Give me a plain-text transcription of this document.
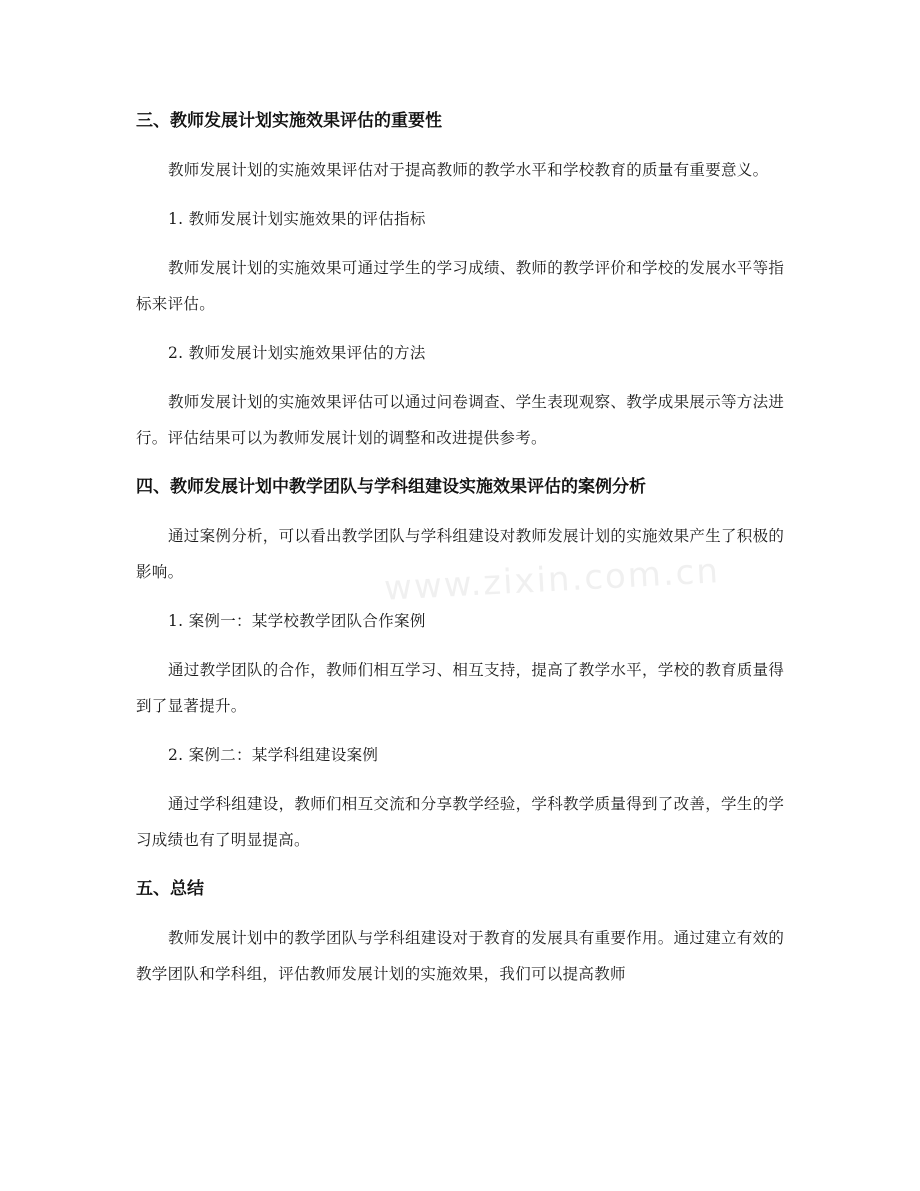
三、教师发展计划实施效果评估的重要性

教师发展计划的实施效果评估对于提高教师的教学水平和学校教育的质量有重要意义。

1. 教师发展计划实施效果的评估指标

教师发展计划的实施效果可通过学生的学习成绩、教师的教学评价和学校的发展水平等指标来评估。

2. 教师发展计划实施效果评估的方法

教师发展计划的实施效果评估可以通过问卷调查、学生表现观察、教学成果展示等方法进行。评估结果可以为教师发展计划的调整和改进提供参考。

四、教师发展计划中教学团队与学科组建设实施效果评估的案例分析

通过案例分析，可以看出教学团队与学科组建设对教师发展计划的实施效果产生了积极的影响。

1. 案例一：某学校教学团队合作案例

通过教学团队的合作，教师们相互学习、相互支持，提高了教学水平，学校的教育质量得到了显著提升。

2. 案例二：某学科组建设案例

通过学科组建设，教师们相互交流和分享教学经验，学科教学质量得到了改善，学生的学习成绩也有了明显提高。

五、总结

教师发展计划中的教学团队与学科组建设对于教育的发展具有重要作用。通过建立有效的教学团队和学科组，评估教师发展计划的实施效果，我们可以提高教师

www.zixin.com.cn
